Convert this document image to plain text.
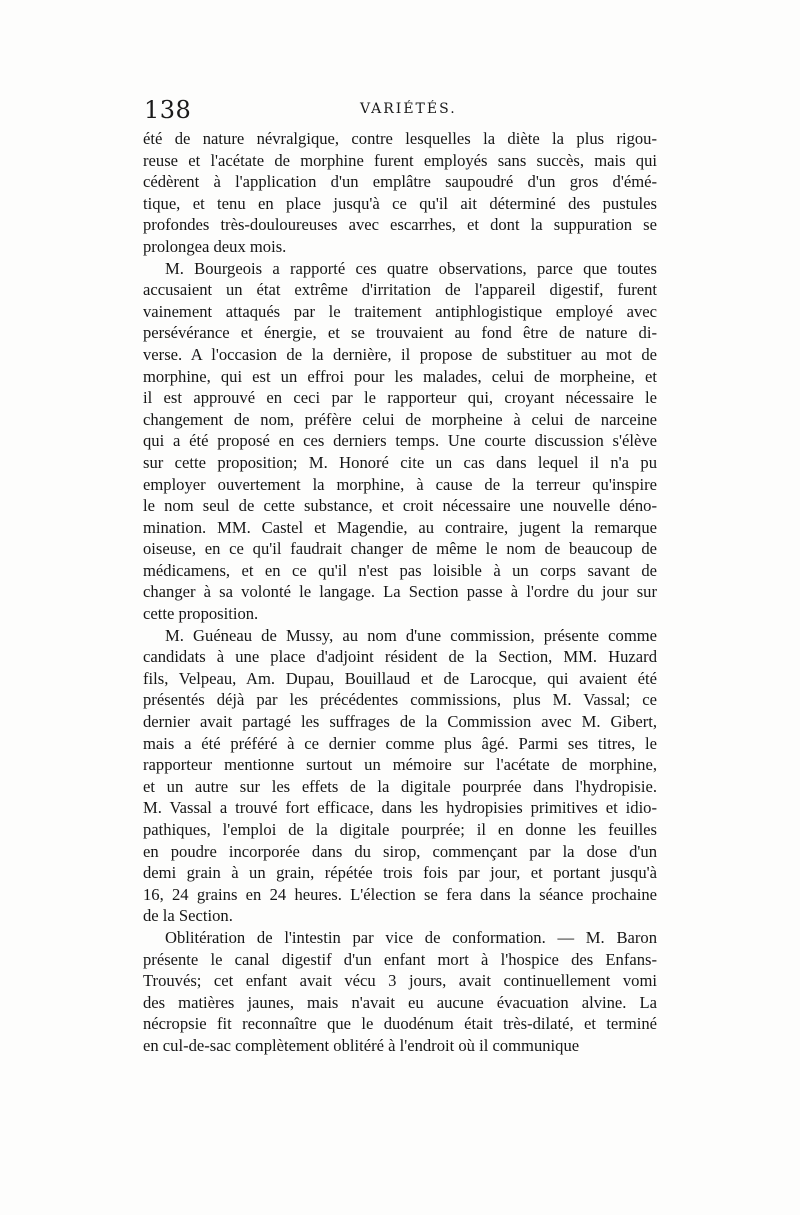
138	VARIÉTÉS.
été de nature névralgique, contre lesquelles la diète la plus rigou-
reuse et l'acétate de morphine furent employés sans succès, mais qui
cédèrent à l'application d'un emplâtre saupoudré d'un gros d'émé-
tique, et tenu en place jusqu'à ce qu'il ait déterminé des pustules
profondes très-douloureuses avec escarrhes, et dont la suppuration se
prolongea deux mois.
M. Bourgeois a rapporté ces quatre observations, parce que toutes
accusaient un état extrême d'irritation de l'appareil digestif, furent
vainement attaqués par le traitement antiphlogistique employé avec
persévérance et énergie, et se trouvaient au fond être de nature di-
verse. A l'occasion de la dernière, il propose de substituer au mot de
morphine, qui est un effroi pour les malades, celui de morpheine, et
il est approuvé en ceci par le rapporteur qui, croyant nécessaire le
changement de nom, préfère celui de morpheine à celui de narceine
qui a été proposé en ces derniers temps. Une courte discussion s'élève
sur cette proposition; M. Honoré cite un cas dans lequel il n'a pu
employer ouvertement la morphine, à cause de la terreur qu'inspire
le nom seul de cette substance, et croit nécessaire une nouvelle déno-
mination. MM. Castel et Magendie, au contraire, jugent la remarque
oiseuse, en ce qu'il faudrait changer de même le nom de beaucoup de
médicamens, et en ce qu'il n'est pas loisible à un corps savant de
changer à sa volonté le langage. La Section passe à l'ordre du jour sur
cette proposition.
M. Guéneau de Mussy, au nom d'une commission, présente comme
candidats à une place d'adjoint résident de la Section, MM. Huzard
fils, Velpeau, Am. Dupau, Bouillaud et de Larocque, qui avaient été
présentés déjà par les précédentes commissions, plus M. Vassal; ce
dernier avait partagé les suffrages de la Commission avec M. Gibert,
mais a été préféré à ce dernier comme plus âgé. Parmi ses titres, le
rapporteur mentionne surtout un mémoire sur l'acétate de morphine,
et un autre sur les effets de la digitale pourprée dans l'hydropisie.
M. Vassal a trouvé fort efficace, dans les hydropisies primitives et idio-
pathiques, l'emploi de la digitale pourprée; il en donne les feuilles
en poudre incorporée dans du sirop, commençant par la dose d'un
demi grain à un grain, répétée trois fois par jour, et portant jusqu'à
16, 24 grains en 24 heures. L'élection se fera dans la séance prochaine
de la Section.
Oblitération de l'intestin par vice de conformation. — M. Baron
présente le canal digestif d'un enfant mort à l'hospice des Enfans-
Trouvés; cet enfant avait vécu 3 jours, avait continuellement vomi
des matières jaunes, mais n'avait eu aucune évacuation alvine. La
nécropsie fit reconnaître que le duodénum était très-dilaté, et terminé
en cul-de-sac complètement oblitéré à l'endroit où il communique
